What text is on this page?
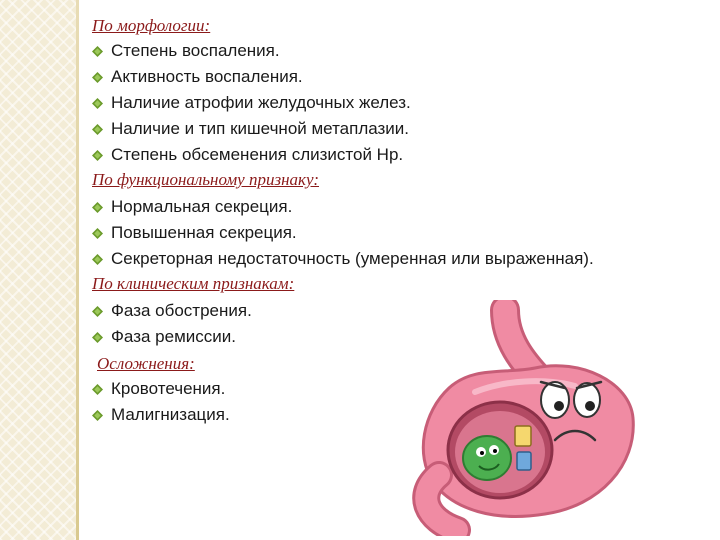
По морфологии:
Степень воспаления.
Активность воспаления.
Наличие атрофии желудочных желез.
Наличие и тип кишечной метаплазии.
Степень обсеменения слизистой Hp.
По функциональному признаку:
Нормальная секреция.
Повышенная секреция.
Секреторная недостаточность (умеренная или выраженная).
По клиническим признакам:
Фаза обострения.
Фаза ремиссии.
Осложнения:
Кровотечения.
Малигнизация.
